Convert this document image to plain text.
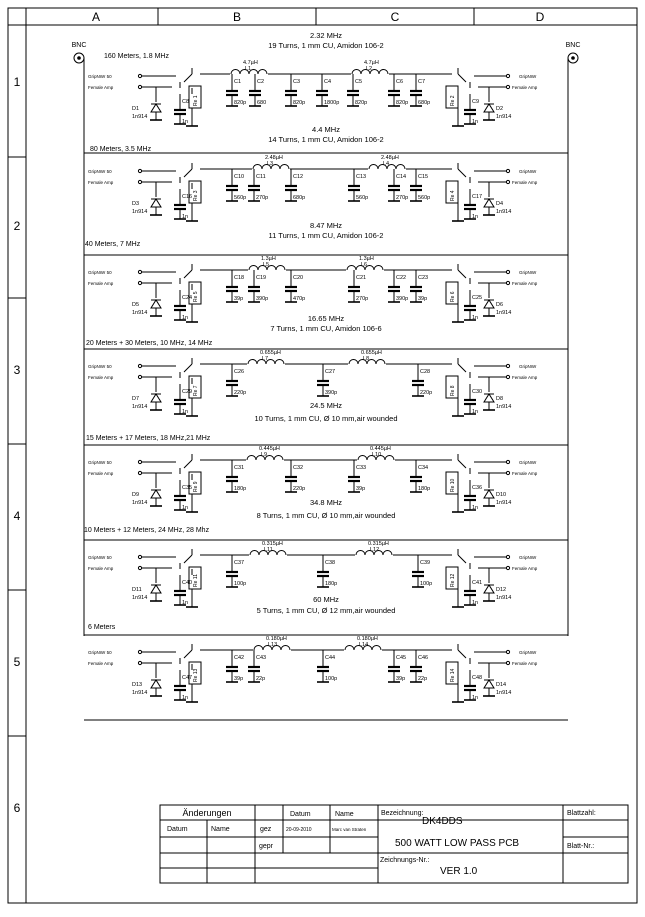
A	B	C	D
1
2
3
4
5
6
BNC	BNC
2.32 MHz
19 Turns, 1 mm CU, Amidon 106-2
160 Meters, 1.8 MHz
4.7µH
L1
4.7µH
L2
C1
820p
C2
680
C3
820p
C4
1800p
C5
820p
C6
820p
C7
680p
GripNWr 50
Female Amp
Re 1
D1
1n914
C8
1n
GripNWr
Female Amp
Re 2
D2
1n914
C9
1n
4.4 MHz
14 Turns, 1 mm CU, Amidon 106-2
80 Meters, 3.5 MHz
2.48µH
L3
2.48µH
L4
C10
560p
C11
270p
C12
680p
C13
560p
C14
270p
C15
560p
GripNWr 50
Female Amp
Re 3
D3
1n914
C16
1n
GripNWr
Female Amp
Re 4
D4
1n914
C17
1n
8.47 MHz
11 Turns, 1 mm CU, Amidon 106-2
40 Meters, 7 MHz
1.3µH
L5
1.3µH
L6
C18
39p
C19
390p
C20
470p
C21
270p
C22
390p
C23
39p
GripNWr 50
Female Amp
Re 5
D5
1n914
C24
1n
GripNWr
Female Amp
Re 6
D6
1n914
C25
1n
16.65 MHz
7 Turns, 1 mm CU, Amidon 106-6
20 Meters + 30 Meters, 10 MHz, 14 MHz
0.655µH
L7
0.655µH
L8
C26
220p
C27
390p
C28
220p
GripNWr 50
Female Amp
Re 7
D7
1n914
C29
1n
GripNWr
Female Amp
Re 8
D8
1n914
C30
1n
24.5 MHz
10 Turns, 1 mm CU, Ø 10 mm,air wounded
15 Meters + 17 Meters, 18 MHz,21 MHz
0.445µH
L9
0.445µH
L10
C31
180p
C32
220p
C33
39p
C34
180p
GripNWr 50
Female Amp
Re 9
D9
1n914
C35
1n
GripNWr
Female Amp
Re 10
D10
1n914
C36
1n
34.8 MHz
8 Turns, 1 mm CU, Ø 10 mm,air wounded
10 Meters + 12 Meters, 24 MHz, 28 Mhz
0.315µH
L11
0.315µH
L12
C37
100p
C38
180p
C39
100p
GripNWr 50
Female Amp
Re 11
D11
1n914
C40
1n
GripNWr
Female Amp
Re 12
D12
1n914
C41
1n
60 MHz
5 Turns, 1 mm CU, Ø 12 mm,air wounded
6 Meters
0.180µH
L13
0.180µH
L14
C42
39p
C43
22p
C44
100p
C45
39p
C46
22p
GripNWr 50
Female Amp
Re 13
D13
1n914
C47
1n
GripNWr
Female Amp
Re 14
D14
1n914
C48
1n
Änderungen	Datum	Name
Datum	Name	gez	20-09-2010	Marc van Straten
gepr
Bezeichnung:
DK4DDS
500 WATT LOW PASS PCB
Zeichnungs-Nr.:
VER 1.0
Blattzahl:
Blatt-Nr.:
